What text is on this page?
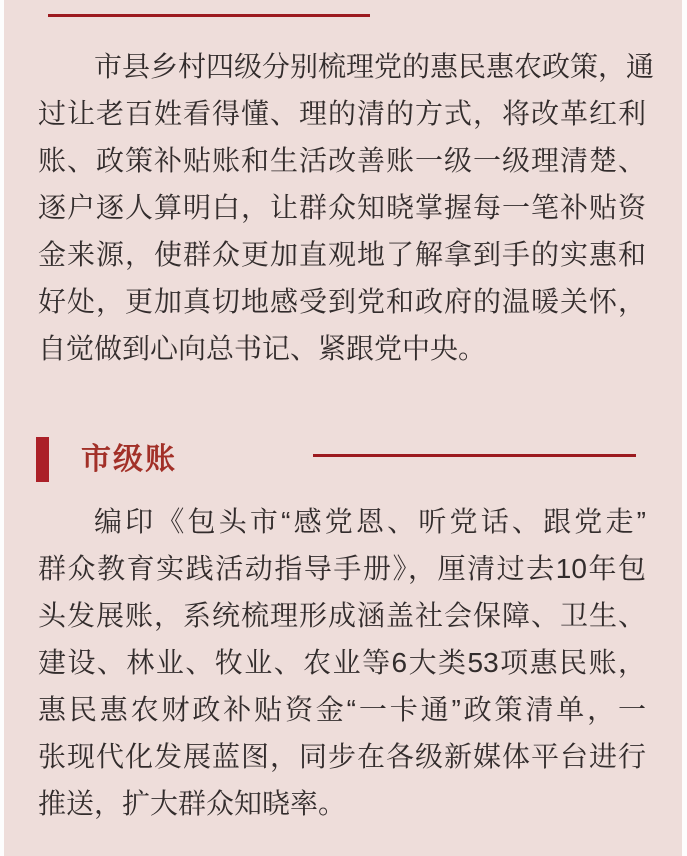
市县乡村四级分别梳理党的惠民惠农政策，通
过让老百姓看得懂、理的清的方式，将改革红利
账、政策补贴账和生活改善账一级一级理清楚、
逐户逐人算明白，让群众知晓掌握每一笔补贴资
金来源，使群众更加直观地了解拿到手的实惠和
好处，更加真切地感受到党和政府的温暖关怀，
自觉做到心向总书记、紧跟党中央。
市级账
编印《包头市“感党恩、听党话、跟党走”
群众教育实践活动指导手册》，厘清过去10年包
头发展账，系统梳理形成涵盖社会保障、卫生、
建设、林业、牧业、农业等6大类53项惠民账，
惠民惠农财政补贴资金“一卡通”政策清单，一
张现代化发展蓝图，同步在各级新媒体平台进行
推送，扩大群众知晓率。
